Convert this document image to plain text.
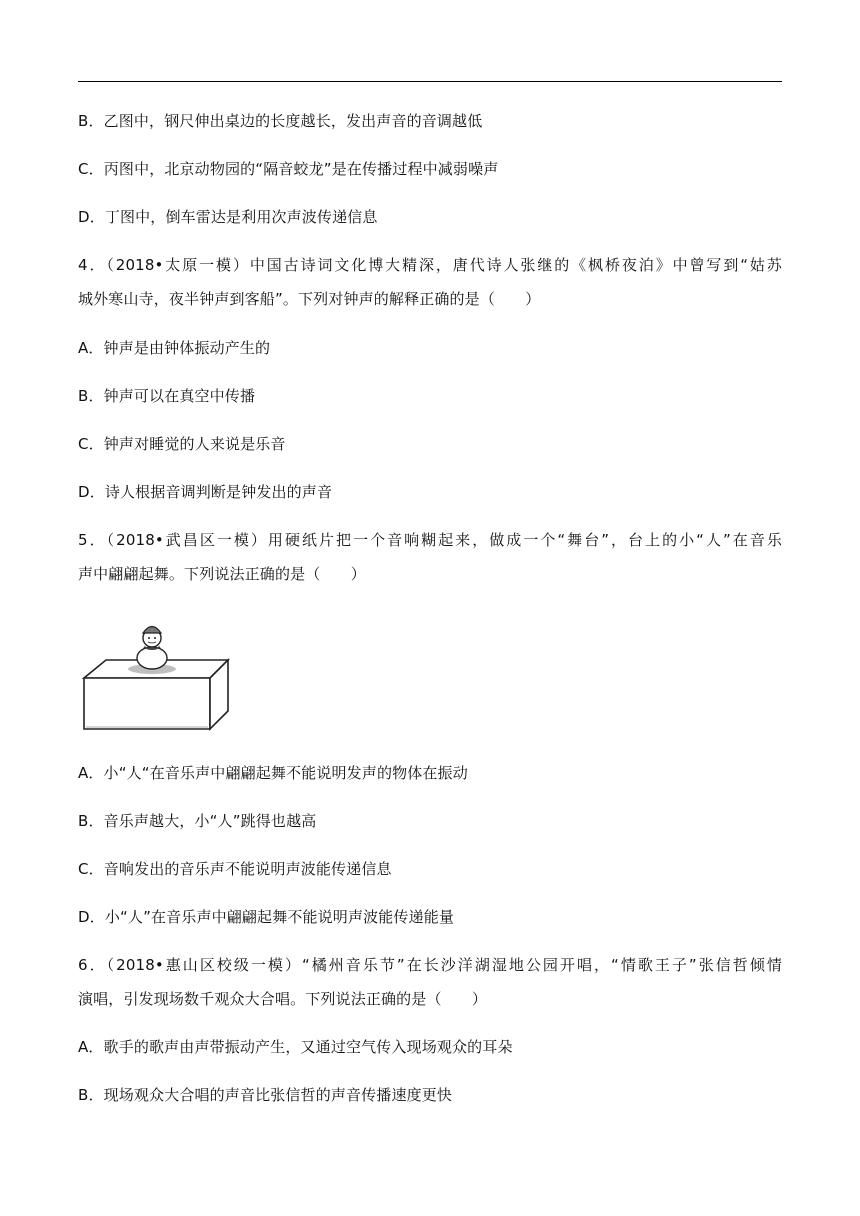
B．乙图中，钢尺伸出桌边的长度越长，发出声音的音调越低
C．丙图中，北京动物园的“隔音蛟龙”是在传播过程中减弱噪声
D．丁图中，倒车雷达是利用次声波传递信息
4．（2018•太原一模）中国古诗词文化博大精深，唐代诗人张继的《枫桥夜泊》中曾写到“姑苏
城外寒山寺，夜半钟声到客船”。下列对钟声的解释正确的是（　　）
A．钟声是由钟体振动产生的
B．钟声可以在真空中传播
C．钟声对睡觉的人来说是乐音
D．诗人根据音调判断是钟发出的声音
5．（2018•武昌区一模）用硬纸片把一个音响糊起来，做成一个“舞台”，台上的小“人”在音乐
声中翩翩起舞。下列说法正确的是（　　）
A．小“人“在音乐声中翩翩起舞不能说明发声的物体在振动
B．音乐声越大，小“人”跳得也越高
C．音响发出的音乐声不能说明声波能传递信息
D．小“人”在音乐声中翩翩起舞不能说明声波能传递能量
6．（2018•惠山区校级一模）“橘州音乐节”在长沙洋湖湿地公园开唱，“情歌王子”张信哲倾情
演唱，引发现场数千观众大合唱。下列说法正确的是（　　）
A．歌手的歌声由声带振动产生，又通过空气传入现场观众的耳朵
B．现场观众大合唱的声音比张信哲的声音传播速度更快
